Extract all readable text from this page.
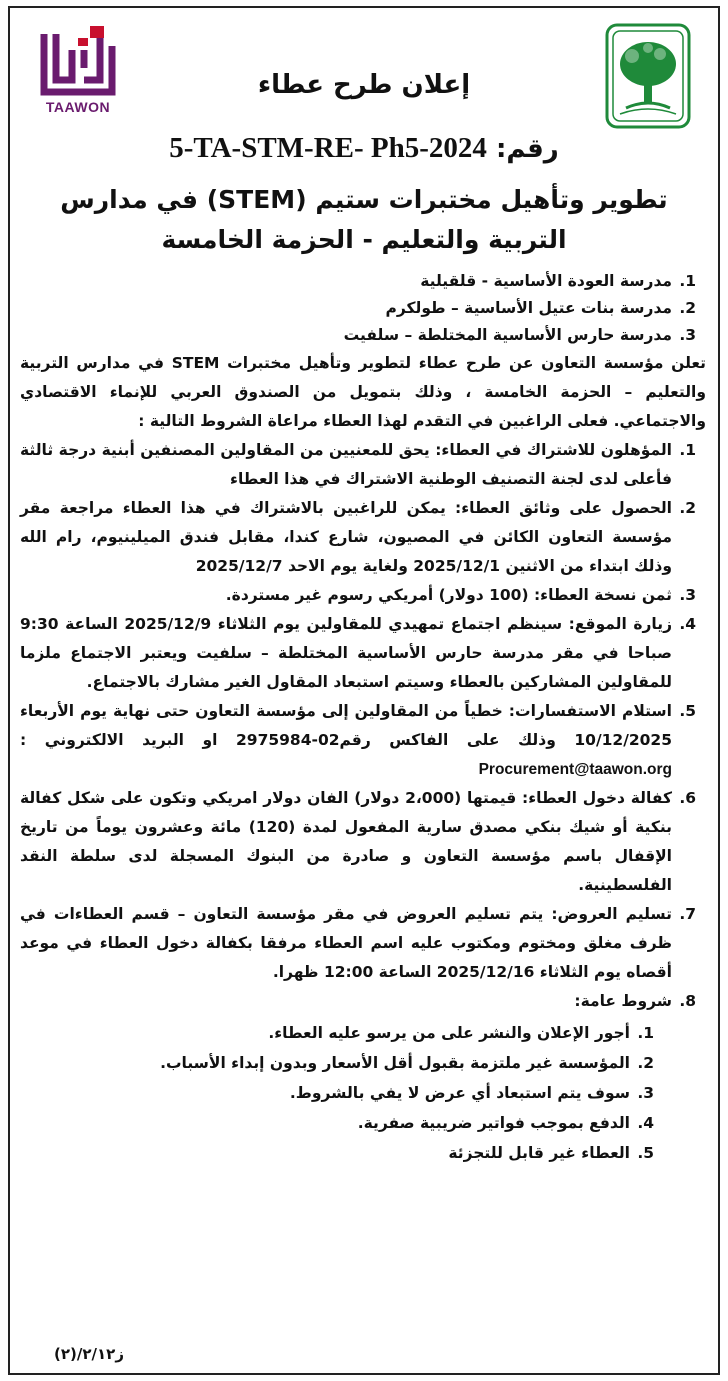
TAAWON
إعلان طرح عطاء
رقم: 5-TA-STM-RE- Ph5-2024
تطوير وتأهيل مختبرات ستيم (STEM) في مدارس
التربية والتعليم - الحزمة الخامسة
1. مدرسة العودة الأساسية - قلقيلية
2. مدرسة بنات عتيل الأساسية – طولكرم
3. مدرسة حارس الأساسية المختلطة – سلفيت

تعلن مؤسسة التعاون عن طرح عطاء لتطوير وتأهيل مختبرات STEM في مدارس التربية والتعليم – الحزمة الخامسة ، وذلك بتمويل من الصندوق العربي للإنماء الاقتصادي والاجتماعي. فعلى الراغبين في التقدم لهذا العطاء مراعاة الشروط التالية :

1. المؤهلون للاشتراك في العطاء: يحق للمعنيين من المقاولين المصنفين أبنية درجة ثالثة فأعلى لدى لجنة التصنيف الوطنية الاشتراك في هذا العطاء
2. الحصول على وثائق العطاء: يمكن للراغبين بالاشتراك في هذا العطاء مراجعة مقر مؤسسة التعاون الكائن في المصيون، شارع كندا، مقابل فندق الميلينيوم، رام الله وذلك ابتداء من الاثنين 2025/12/1 ولغاية يوم الاحد 2025/12/7
3. ثمن نسخة العطاء: (100 دولار) أمريكي رسوم غير مستردة.
4. زيارة الموقع: سينظم اجتماع تمهيدي للمقاولين يوم الثلاثاء 2025/12/9 الساعة 9:30 صباحا في مقر مدرسة حارس الأساسية المختلطة – سلفيت ويعتبر الاجتماع ملزما للمقاولين المشاركين بالعطاء وسيتم استبعاد المقاول الغير مشارك بالاجتماع.
5. استلام الاستفسارات: خطياً من المقاولين إلى مؤسسة التعاون حتى نهاية يوم الأربعاء 10/12/2025 وذلك على الفاكس رقم02-2975984 او البريد الالكتروني : Procurement@taawon.org
6. كفالة دخول العطاء: قيمتها (2،000 دولار) الفان دولار امريكي وتكون على شكل كفالة بنكية أو شيك بنكي مصدق سارية المفعول لمدة (120) مائة وعشرون يوماً من تاريخ الإقفال باسم مؤسسة التعاون و صادرة من البنوك المسجلة لدى سلطة النقد الفلسطينية.
7. تسليم العروض: يتم تسليم العروض في مقر مؤسسة التعاون – قسم العطاءات في ظرف مغلق ومختوم ومكتوب عليه اسم العطاء مرفقا بكفالة دخول العطاء في موعد أقصاه يوم الثلاثاء 2025/12/16 الساعة 12:00 ظهرا.
8. شروط عامة:
1. أجور الإعلان والنشر على من يرسو عليه العطاء.
2. المؤسسة غير ملتزمة بقبول أقل الأسعار وبدون إبداء الأسباب.
3. سوف يتم استبعاد أي عرض لا يفي بالشروط.
4. الدفع بموجب فواتير ضريبية صفرية.
5. العطاء غير قابل للتجزئة
ز٢/١٢/(٢)
